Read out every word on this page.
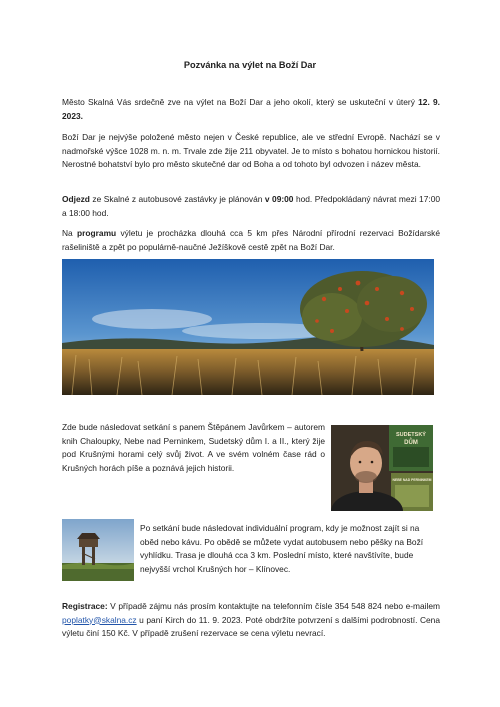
Pozvánka na výlet na Boží Dar

Město Skalná Vás srdečně zve na výlet na Boží Dar a jeho okolí, který se uskuteční v úterý 12. 9. 2023.

Boží Dar je nejvýše položené město nejen v České republice, ale ve střední Evropě. Nachází se v nadmořské výšce 1028 m. n. m. Trvale zde žije 211 obyvatel. Je to místo s bohatou hornickou historií. Nerostné bohatství bylo pro město skutečné dar od Boha a od tohoto byl odvozen i název města.

Odjezd ze Skalné z autobusové zastávky je plánován v 09:00 hod. Předpokládaný návrat mezi 17:00 a 18:00 hod.

Na programu výletu je procházka dlouhá cca 5 km přes Národní přírodní rezervaci Božídarské rašeliniště a zpět po populárně-naučné Ježíškově cestě zpět na Boží Dar.

Zde bude následovat setkání s panem Štěpánem Javůrkem – autorem knih Chaloupky, Nebe nad Perninkem, Sudetský dům I. a II., který žije pod Krušnými horami celý svůj život. A ve svém volném čase rád o Krušných horách píše a poznává jejich historii.

SUDETSKÝ
DŮM
NEBE NAD PERNINKEM

Po setkání bude následovat individuální program, kdy je možnost zajít si na oběd nebo kávu. Po obědě se můžete vydat autobusem nebo pěšky na Boží vyhlídku. Trasa je dlouhá cca 3 km. Poslední místo, které navštívíte, bude nejvyšší vrchol Krušných hor – Klínovec.

Registrace: V případě zájmu nás prosím kontaktujte na telefonním čísle 354 548 824 nebo e-mailem poplatky@skalna.cz u paní Kirch do 11. 9. 2023. Poté obdržíte potvrzení s dalšími podrobností. Cena výletu činí 150 Kč. V případě zrušení rezervace se cena výletu nevrací.
